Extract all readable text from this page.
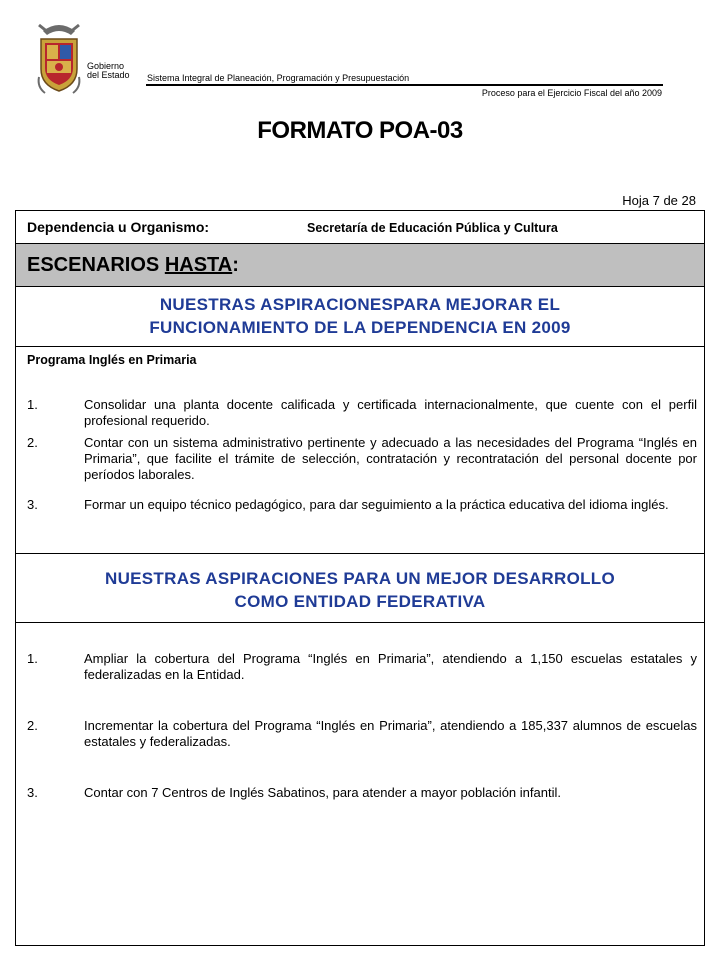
Gobierno
del Estado Sistema Integral de Planeación, Programación y Presupuestación
Proceso para el Ejercicio Fiscal del año 2009
FORMATO POA-03
Hoja 7 de 28
Dependencia u Organismo:	Secretaría de Educación Pública y Cultura
ESCENARIOS HASTA:
NUESTRAS ASPIRACIONESPARA MEJORAR EL
FUNCIONAMIENTO DE LA DEPENDENCIA EN 2009
Programa Inglés en Primaria
1.	Consolidar una planta docente calificada y certificada internacionalmente, que cuente con el perfil profesional requerido.
2.	Contar con un sistema administrativo pertinente y adecuado a las necesidades del Programa “Inglés en Primaria”, que facilite el trámite de selección, contratación y recontratación del personal docente por períodos laborales.
3.	Formar un equipo técnico pedagógico, para dar seguimiento a la práctica educativa del idioma inglés.
NUESTRAS ASPIRACIONES PARA UN MEJOR DESARROLLO
COMO ENTIDAD FEDERATIVA
1.	Ampliar la cobertura del Programa “Inglés en Primaria”, atendiendo a 1,150 escuelas estatales y federalizadas en la Entidad.
2.	Incrementar la cobertura del Programa “Inglés en Primaria”, atendiendo a 185,337 alumnos de escuelas estatales y federalizadas.
3.	Contar con 7 Centros de Inglés Sabatinos, para atender a mayor población infantil.
